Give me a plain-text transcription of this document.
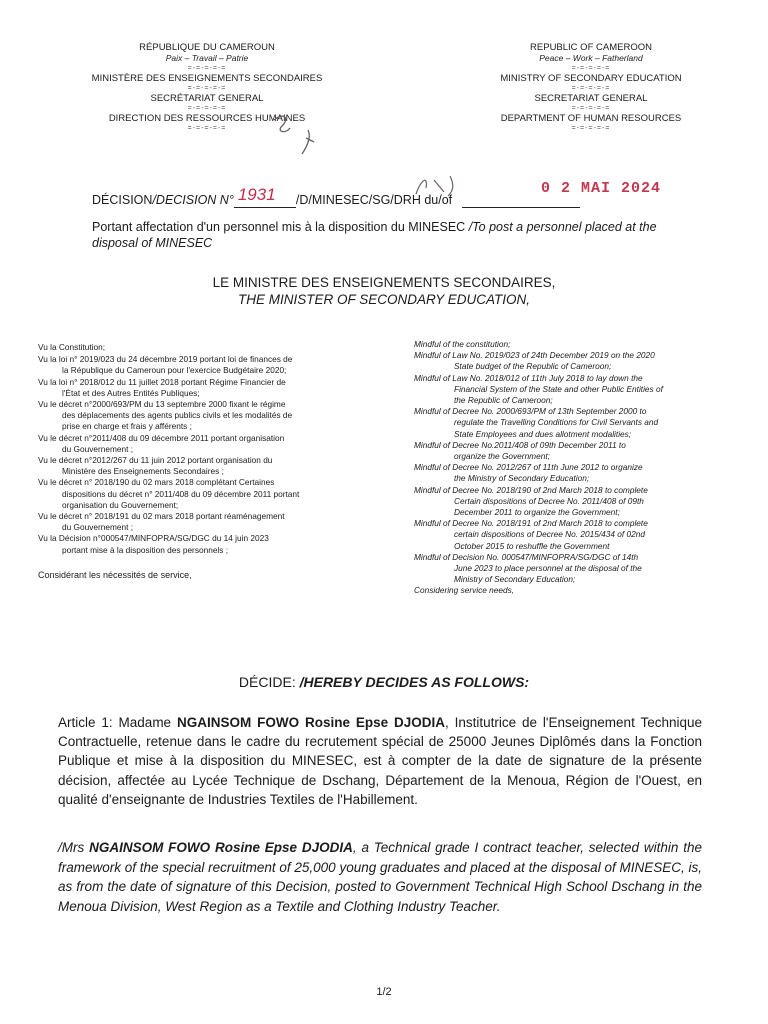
RÉPUBLIQUE DU CAMEROUN
Paix – Travail – Patrie
=-=-=-=-=
MINISTÈRE DES ENSEIGNEMENTS SECONDAIRES
=-=-=-=-=
SECRÉTARIAT GENERAL
=-=-=-=-=
DIRECTION DES RESSOURCES HUMAINES
=-=-=-=-=
REPUBLIC OF CAMEROON
Peace – Work – Fatherland
=-=-=-=-=
MINISTRY OF SECONDARY EDUCATION
=-=-=-=-=
SECRETARIAT GENERAL
=-=-=-=-=
DEPARTMENT OF HUMAN RESOURCES
=-=-=-=-=
DÉCISION/DECISION N° 1931 /D/MINESEC/SG/DRH du/of
0 2 MAI 2024
Portant affectation d'un personnel mis à la disposition du MINESEC /To post a personnel placed at the disposal of MINESEC
LE MINISTRE DES ENSEIGNEMENTS SECONDAIRES,
THE MINISTER OF SECONDARY EDUCATION,
Vu la Constitution;
Vu la loi n° 2019/023 du 24 décembre 2019 portant loi de finances de
la République du Cameroun pour l'exercice Budgétaire 2020;
Vu la loi n° 2018/012 du 11 juillet 2018 portant Régime Financier de
l'État et des Autres Entités Publiques;
Vu le décret n°2000/693/PM du 13 septembre 2000 fixant le régime
des déplacements des agents publics civils et les modalités de
prise en charge et frais y afférents ;
Vu le décret n°2011/408 du 09 décembre 2011 portant organisation
du Gouvernement ;
Vu le décret n°2012/267 du 11 juin 2012 portant organisation du
Ministère des Enseignements Secondaires ;
Vu le décret n° 2018/190 du 02 mars 2018 complétant Certaines
dispositions du décret n° 2011/408 du 09 décembre 2011 portant
organisation du Gouvernement;
Vu le décret n° 2018/191 du 02 mars 2018 portant réaménagement
du Gouvernement ;
Vu la Décision n°000547/MINFOPRA/SG/DGC du 14 juin 2023
portant mise à la disposition des personnels ;
Considérant les nécessités de service,
Mindful of the constitution;
Mindful of Law No. 2019/023 of 24th December 2019 on the 2020
State budget of the Republic of Cameroon;
Mindful of Law No. 2018/012 of 11th July 2018 to lay down the
Financial System of the State and other Public Entities of
the Republic of Cameroon;
Mindful of Decree No. 2000/693/PM of 13th September 2000 to
regulate the Travelling Conditions for Civil Servants and
State Employees and dues allotment modalities;
Mindful of Decree No.2011/408 of 09th December 2011 to
organize the Government;
Mindful of Decree No. 2012/267 of 11th June 2012 to organize
the Ministry of Secondary Education;
Mindful of Decree No. 2018/190 of 2nd March 2018 to complete
Certain dispositions of Decree No. 2011/408 of 09th
December 2011 to organize the Government;
Mindful of Decree No. 2018/191 of 2nd March 2018 to complete
certain dispositions of Decree No. 2015/434 of 02nd
October 2015 to reshuffle the Government
Mindful of Decision No. 000547/MINFOPRA/SG/DGC of 14th
June 2023 to place personnel at the disposal of the
Ministry of Secondary Education;
Considering service needs,
DÉCIDE: /HEREBY DECIDES AS FOLLOWS:
Article 1: Madame NGAINSOM FOWO Rosine Epse DJODIA, Institutrice de l'Enseignement Technique Contractuelle, retenue dans le cadre du recrutement spécial de 25000 Jeunes Diplômés dans la Fonction Publique et mise à la disposition du MINESEC, est à compter de la date de signature de la présente décision, affectée au Lycée Technique de Dschang, Département de la Menoua, Région de l'Ouest, en qualité d'enseignante de Industries Textiles de l'Habillement.
/Mrs NGAINSOM FOWO Rosine Epse DJODIA, a Technical grade I contract teacher, selected within the framework of the special recruitment of 25,000 young graduates and placed at the disposal of MINESEC, is, as from the date of signature of this Decision, posted to Government Technical High School Dschang in the Menoua Division, West Region as a Textile and Clothing Industry Teacher.
1/2
